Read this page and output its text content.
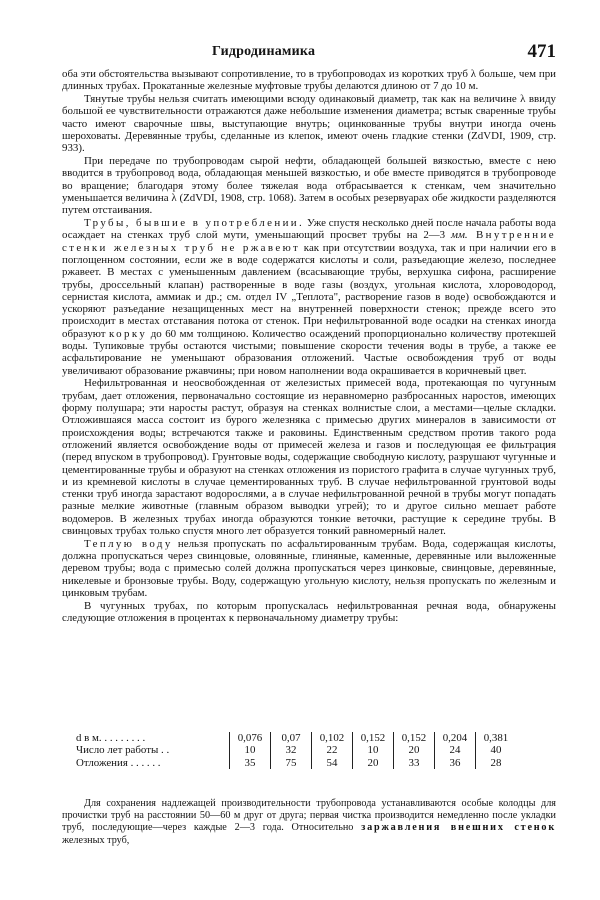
Гидродинамика	471

оба эти обстоятельства вызывают сопротивление, то в трубопроводах из коротких труб λ больше, чем при длинных трубах. Прокатанные железные муфтовые трубы делаются длиною от 7 до 10 м.

Тянутые трубы нельзя считать имеющими всюду одинаковый диаметр, так как на величине λ ввиду большой ее чувствительности отражаются даже небольшие изменения диаметра; встык сваренные трубы часто имеют сварочные швы, выступающие внутрь; оцинкованные трубы внутри иногда очень шероховаты. Деревянные трубы, сделанные из клепок, имеют очень гладкие стенки (ZdVDI, 1909, стр. 933).

При передаче по трубопроводам сырой нефти, обладающей большей вязкостью, вместе с нею вводится в трубопровод вода, обладающая меньшей вязкостью, и обе вместе приводятся в трубопроводе во вращение; благодаря этому более тяжелая вода отбрасывается к стенкам, чем значительно уменьшается величина λ (ZdVDI, 1908, стр. 1068). Затем в особых резервуарах обе жидкости разделяются путем отстаивания.

Трубы, бывшие в употреблении. Уже спустя несколько дней после начала работы вода осаждает на стенках труб слой мути, уменьшающий просвет трубы на 2—3 мм. Внутренние стенки железных труб не ржавеют как при отсутствии воздуха, так и при наличии его в поглощенном состоянии, если же в воде содержатся кислоты и соли, разъедающие железо, последнее ржавеет. В местах с уменьшенным давлением (всасывающие трубы, верхушка сифона, расширение трубы, дроссельный клапан) растворенные в воде газы (воздух, угольная кислота, хлороводород, сернистая кислота, аммиак и др.; см. отдел IV „Теплота", растворение газов в воде) освобождаются и ускоряют разъедание незащищенных мест на внутренней поверхности стенок; прежде всего это происходит в местах отставания потока от стенок. При нефильтрованной воде осадки на стенках иногда образуют корку до 60 мм толщиною. Количество осаждений пропорционально количеству протекшей воды. Тупиковые трубы остаются чистыми; повышение скорости течения воды в трубе, а также ее асфальтирование не уменьшают образования отложений. Частые освобождения труб от воды увеличивают образование ржавчины; при новом наполнении вода окрашивается в коричневый цвет.

Нефильтрованная и неосвобожденная от железистых примесей вода, протекающая по чугунным трубам, дает отложения, первоначально состоящие из неравномерно разбросанных наростов, имеющих форму полушара; эти наросты растут, образуя на стенках волнистые слои, а местами—целые складки. Отложившаяся масса состоит из бурого железняка с примесью других минералов в зависимости от происхождения воды; встречаются также и раковины. Единственным средством против такого рода отложений является освобождение воды от примесей железа и газов и последующая ее фильтрация (перед впуском в трубопровод). Грунтовые воды, содержащие свободную кислоту, разрушают чугунные и цементированные трубы и образуют на стенках отложения из пористого графита в случае чугунных труб, и из кремневой кислоты в случае цементированных труб. В случае нефильтрованной грунтовой воды стенки труб иногда зарастают водорослями, а в случае нефильтрованной речной в трубы могут попадать разные мелкие животные (главным образом выводки угрей); то и другое сильно мешает работе водомеров. В железных трубах иногда образуются тонкие веточки, растущие к середине трубы. В свинцовых трубах только спустя много лет образуется тонкий равномерный налет.

Теплую воду нельзя пропускать по асфальтированным трубам. Вода, содержащая кислоты, должна пропускаться через свинцовые, оловянные, глиняные, каменные, деревянные или выложенные деревом трубы; вода с примесью солей должна пропускаться через цинковые, свинцовые, деревянные, никелевые и бронзовые трубы. Воду, содержащую угольную кислоту, нельзя пропускать по железным и цинковым трубам.

В чугунных трубах, по которым пропускалась нефильтрованная речная вода, обнаружены следующие отложения в процентах к первоначальному диаметру трубы:

d в м. . . . . . . . .	0,076	0,07	0,102	0,152	0,152	0,204	0,381
Число лет работы . .	10	32	22	10	20	24	40
Отложения . . . . . .	35	75	54	20	33	36	28

Для сохранения надлежащей производительности трубопровода устанавливаются особые колодцы для прочистки труб на расстоянии 50—60 м друг от друга; первая чистка производится немедленно после укладки труб, последующие—через каждые 2—3 года. Относительно заржавления внешних стенок железных труб,
